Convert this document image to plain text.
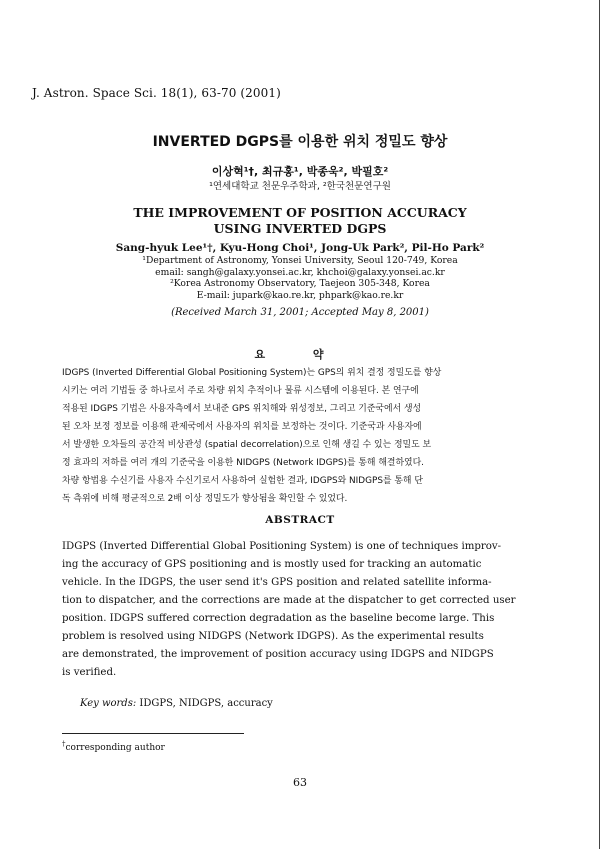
J. Astron. Space Sci. 18(1), 63-70 (2001)
INVERTED DGPS를 이용한 위치 정밀도 향상
이상혁¹†, 최규홍¹, 박종욱², 박필호²
¹연세대학교 천문우주학과, ²한국천문연구원
THE IMPROVEMENT OF POSITION ACCURACY
USING INVERTED DGPS
Sang-hyuk Lee¹†, Kyu-Hong Choi¹, Jong-Uk Park², Pil-Ho Park²
¹Department of Astronomy, Yonsei University, Seoul 120-749, Korea
email: sangh@galaxy.yonsei.ac.kr, khchoi@galaxy.yonsei.ac.kr
²Korea Astronomy Observatory, Taejeon 305-348, Korea
E-mail: jupark@kao.re.kr, phpark@kao.re.kr
(Received March 31, 2001; Accepted May 8, 2001)
요 약
IDGPS (Inverted Differential Global Positioning System)는 GPS의 위치 결정 정밀도를 향상
시키는 여러 기법들 중 하나로서 주로 차량 위치 추적이나 물류 시스템에 이용된다. 본 연구에
적용된 IDGPS 기법은 사용자측에서 보내준 GPS 위치해와 위성정보, 그리고 기준국에서 생성
된 오차 보정 정보를 이용해 관제국에서 사용자의 위치를 보정하는 것이다. 기준국과 사용자에
서 발생한 오차들의 공간적 비상관성 (spatial decorrelation)으로 인해 생길 수 있는 정밀도 보
정 효과의 저하를 여러 개의 기준국을 이용한 NIDGPS (Network IDGPS)를 통해 해결하였다.
차량 항법용 수신기를 사용자 수신기로서 사용하여 실험한 결과, IDGPS와 NIDGPS를 통해 단
독 측위에 비해 평균적으로 2배 이상 정밀도가 향상됨을 확인할 수 있었다.
ABSTRACT
IDGPS (Inverted Differential Global Positioning System) is one of techniques improv-
ing the accuracy of GPS positioning and is mostly used for tracking an automatic
vehicle. In the IDGPS, the user send it's GPS position and related satellite informa-
tion to dispatcher, and the corrections are made at the dispatcher to get corrected user
position. IDGPS suffered correction degradation as the baseline become large. This
problem is resolved using NIDGPS (Network IDGPS). As the experimental results
are demonstrated, the improvement of position accuracy using IDGPS and NIDGPS
is verified.
Key words: IDGPS, NIDGPS, accuracy
†corresponding author
63
